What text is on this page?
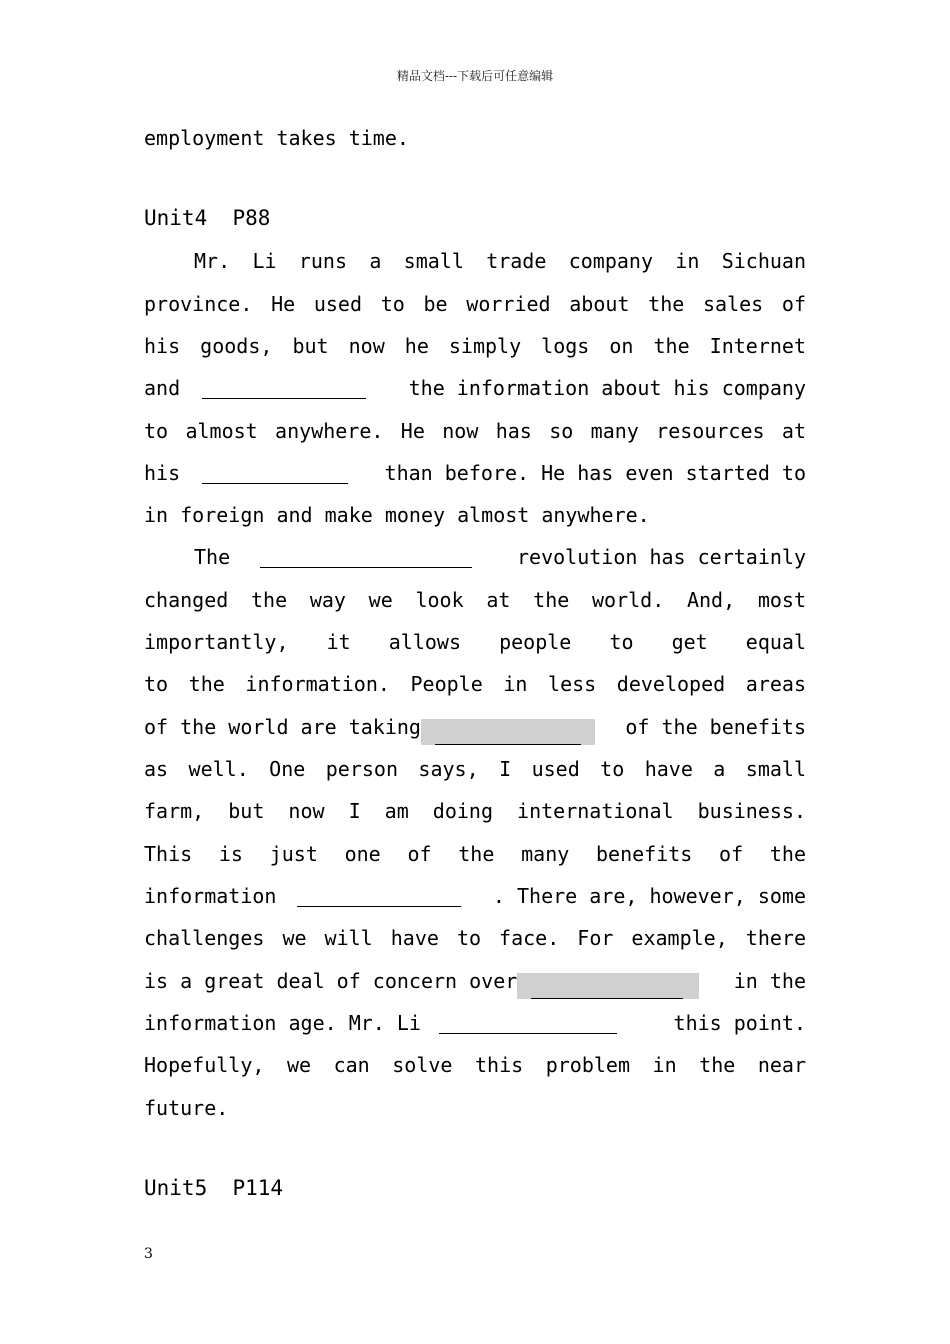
精品文档---下载后可任意编辑
employment takes time.
Mr. Li runs a small trade company in Sichuan
province. He used to be worried about the sales of
his goods, but now he simply logs on the Internet
and	the information about his company
to almost anywhere. He now has so many resources at
his	than before. He has even started to
in foreign and make money almost anywhere.
The	revolution has certainly
changed the way we look at the world. And, most
importantly, it allows people to get equal
to the information. People in less developed areas
of the world are taking	of the benefits
as well. One person says, I used to have a small
farm, but now I am doing international business.
This is just one of the many benefits of the
information	. There are, however, some
challenges we will have to face. For example, there
is a great deal of concern over	in the
information age. Mr. Li	this point.
Hopefully, we can solve this problem in the near
future.
Unit4  P88
Unit5  P114
3
